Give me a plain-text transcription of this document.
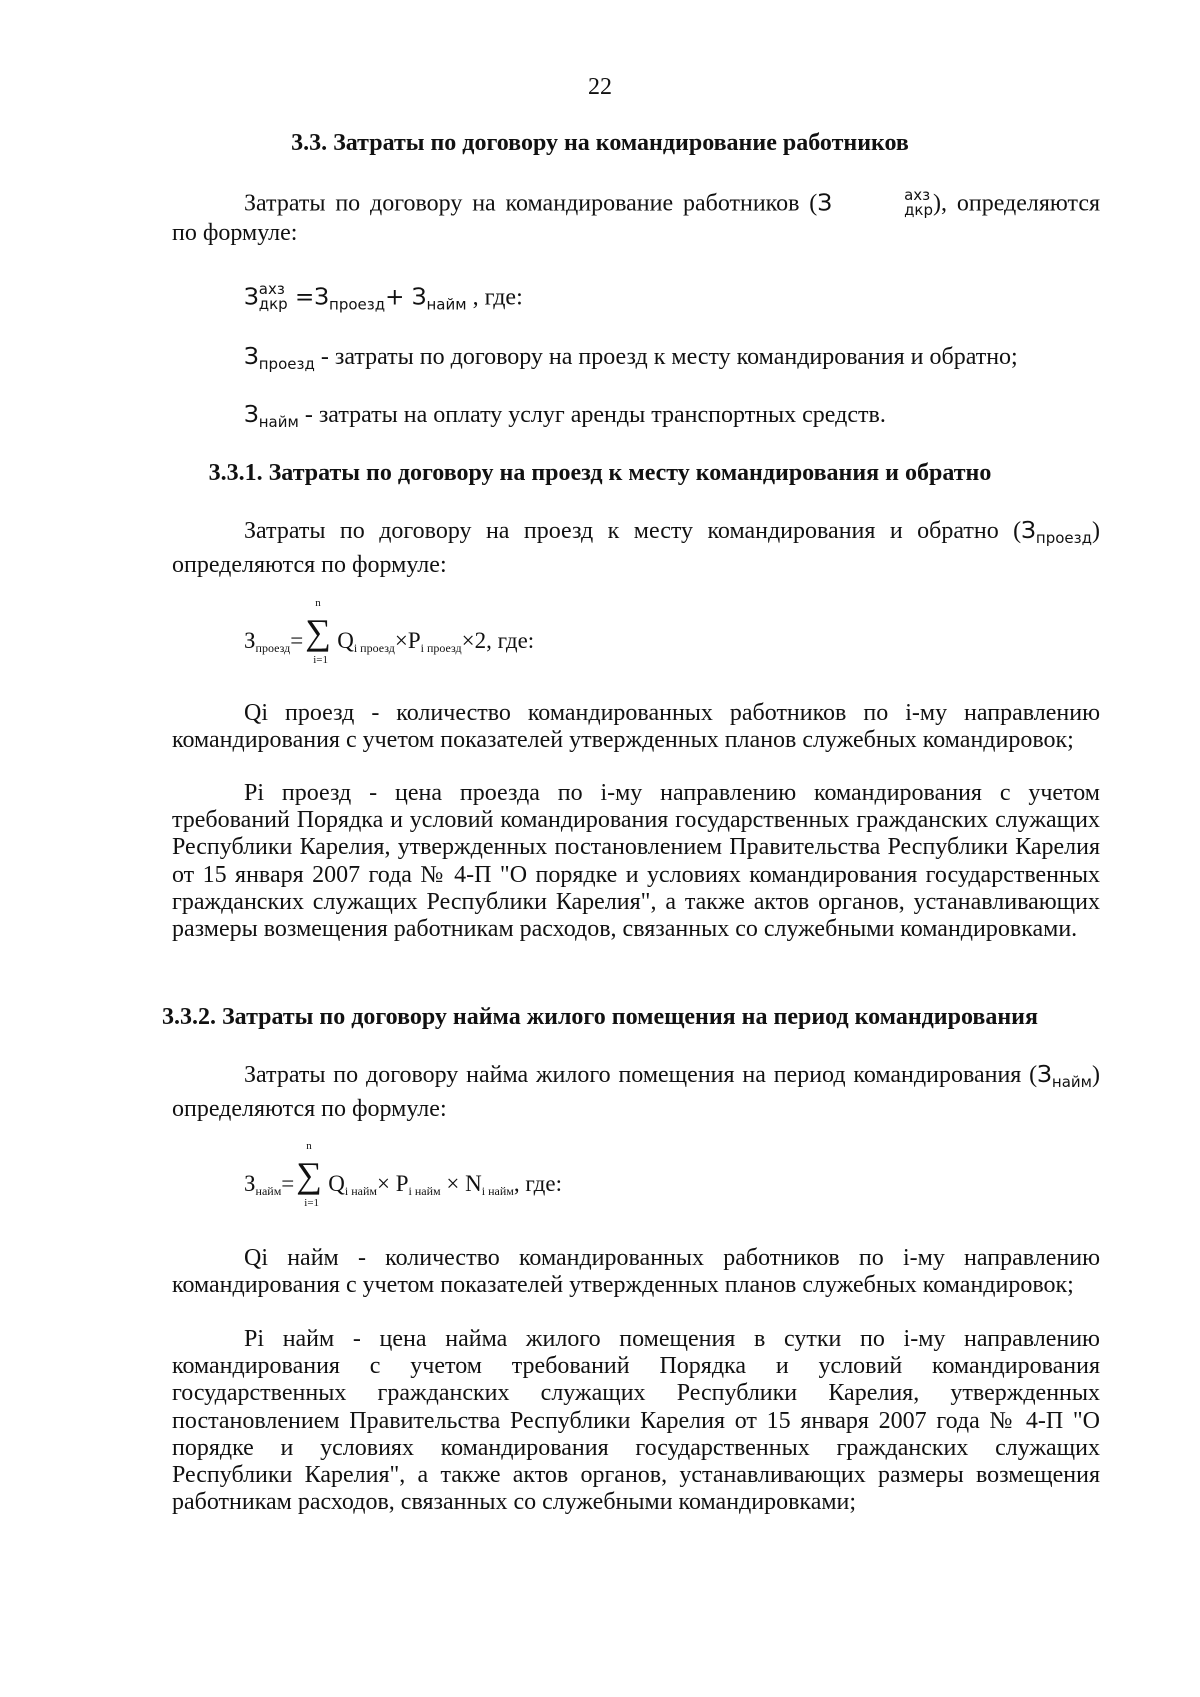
22
3.3. Затраты по договору на командирование работников

Затраты по договору на командирование работников (З	ахз
дкр ), определяются по формуле:

З ахз
дкр $=З_{проезд}+ З_{найм}$ , где:
$З_{проезд}$ - затраты по договору на проезд к месту командирования и обратно;
$З_{найм}$ - затраты на оплату услуг аренды транспортных средств.
3.3.1. Затраты по договору на проезд к месту командирования и обратно

Затраты по договору на проезд к месту командирования и обратно $(З_{проезд})$ определяются по формуле:

Зпроезд= ∑
n
i=1
Qi проезд×Pi проезд×2, где:

Qi проезд - количество командированных работников по i-му направлению командирования с учетом показателей утвержденных планов служебных командировок;

Pi проезд - цена проезда по i-му направлению командирования с учетом требований Порядка и условий командирования государственных гражданских служащих Республики Карелия, утвержденных постановлением Правительства Республики Карелия от 15 января 2007 года № 4-П "О порядке и условиях командирования государственных гражданских служащих Республики Карелия", а также актов органов, устанавливающих размеры возмещения работникам расходов, связанных со служебными командировками.

3.3.2. Затраты по договору найма жилого помещения на период командирования

Затраты по договору найма жилого помещения на период командирования $(З_{найм})$ определяются по формуле:

Знайм= ∑
n
i=1
Qi найм× Pi найм × Ni найм, где:

Qi найм - количество командированных работников по i-му направлению командирования с учетом показателей утвержденных планов служебных командировок;

Pi найм - цена найма жилого помещения в сутки по i-му направлению командирования с учетом требований Порядка и условий командирования государственных гражданских служащих Республики Карелия, утвержденных постановлением Правительства Республики Карелия от 15 января 2007 года № 4-П "О порядке и условиях командирования государственных гражданских служащих Республики Карелия", а также актов органов, устанавливающих размеры возмещения работникам расходов, связанных со служебными командировками;
